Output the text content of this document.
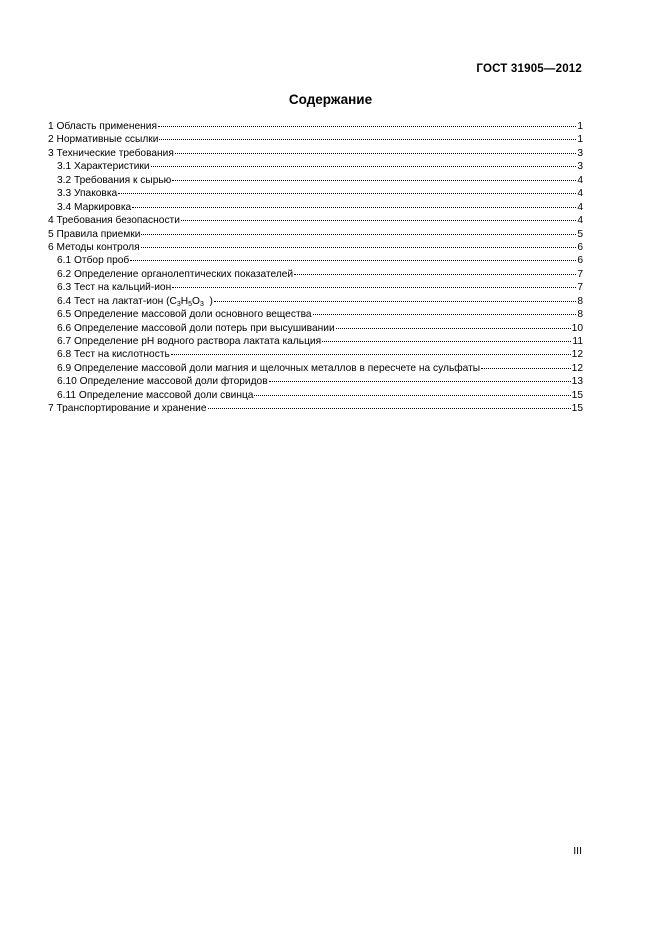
ГОСТ 31905—2012
Содержание
1 Область применения	1
2 Нормативные ссылки	1
3 Технические требования	3
3.1 Характеристики	3
3.2 Требования к сырью	4
3.3 Упаковка	4
3.4 Маркировка	4
4 Требования безопасности	4
5 Правила приемки	5
6 Методы контроля	6
6.1 Отбор проб	6
6.2 Определение органолептических показателей	7
6.3 Тест на кальций-ион	7
6.4 Тест на лактат-ион ($C_3H_5O_3$  )	8
6.5 Определение массовой доли основного вещества	8
6.6 Определение массовой доли потерь при высушивании	10
6.7 Определение pH водного раствора лактата кальция	11
6.8 Тест на кислотность	12
6.9 Определение массовой доли магния и щелочных металлов в пересчете на сульфаты	12
6.10 Определение массовой доли фторидов	13
6.11 Определение массовой доли свинца	15
7 Транспортирование и хранение	15
III
